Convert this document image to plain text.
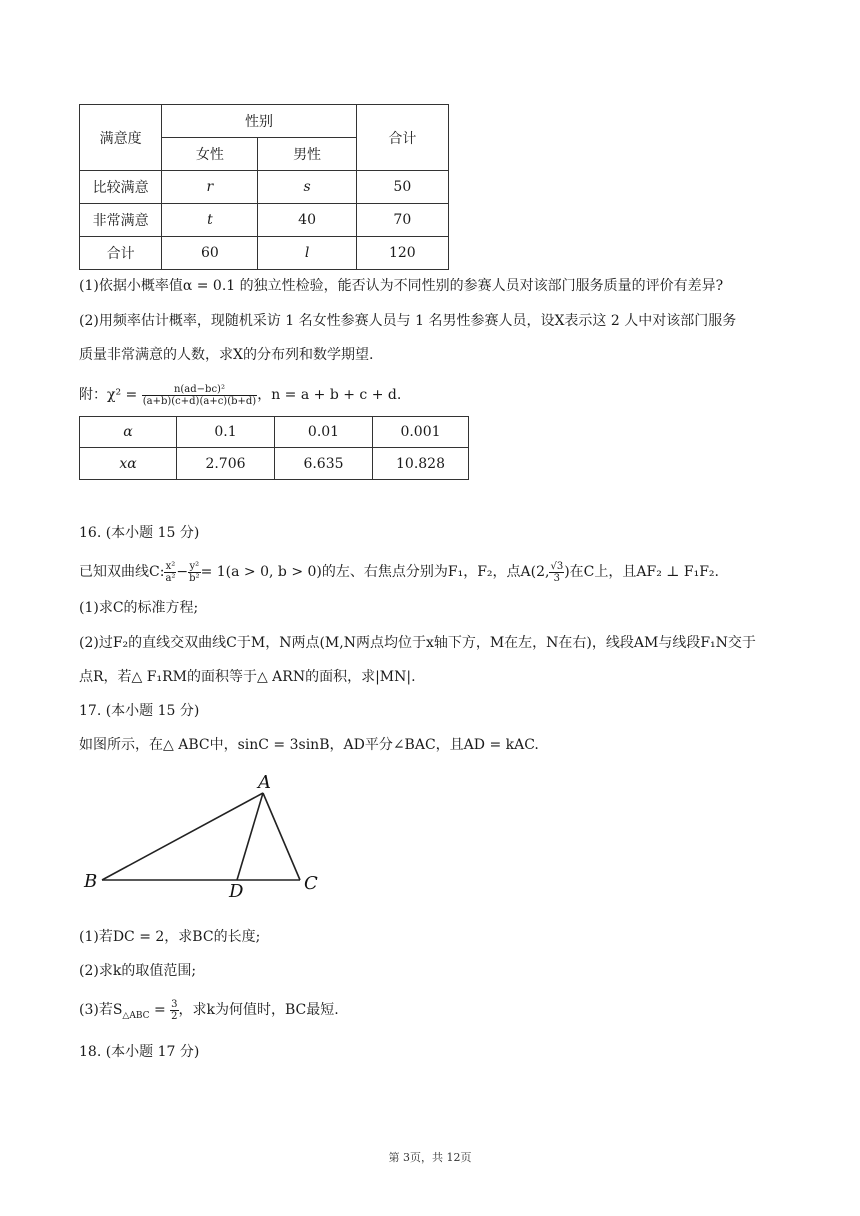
满意度	性别		合计
	女性	男性	
比较满意	r	s	50
非常满意	t	40	70
合计	60	l	120
(1)依据小概率值α = 0.1 的独立性检验，能否认为不同性别的参赛人员对该部门服务质量的评价有差异?
(2)用频率估计概率，现随机采访 1 名女性参赛人员与 1 名男性参赛人员，设X表示这 2 人中对该部门服务
质量非常满意的人数，求X的分布列和数学期望.
附：$\chi^2 = \frac{\text{n(ad−bc)²}}{(a+b)(c+d)(a+c)(b+d)}$ ，n = a + b + c + d.
α	0.1	0.01	0.001
xα	2.706	6.635	10.828
16. (本小题 15 分)
已知双曲线C: $\frac{\text{x²}}{\text{a²}} - \frac{\text{y²}}{\text{b²}} = 1(a > 0$, b > 0)的左、右焦点分别为F₁，F₂，点A(2, $\frac{√3}{3}$ )在C上，且AF₂ ⊥ F₁F₂.
(1)求C的标准方程;
(2)过F₂的直线交双曲线C于M，N两点(M,N两点均位于x轴下方，M在左，N在右)，线段AM与线段F₁N交于
点R，若△ F₁RM的面积等于△ ARN的面积，求|MN|.
17. (本小题 15 分)
如图所示，在△ ABC中，sinC = 3sinB，AD平分∠BAC，且AD = kAC.
A
B	C
D
(1)若DC = 2，求BC的长度;
(2)求k的取值范围;
(3)若$S_{\triangle ABC} = \frac{3}{2}$ ，求k为何值时，BC最短.
18. (本小题 17 分)
第 3页，共 12页
